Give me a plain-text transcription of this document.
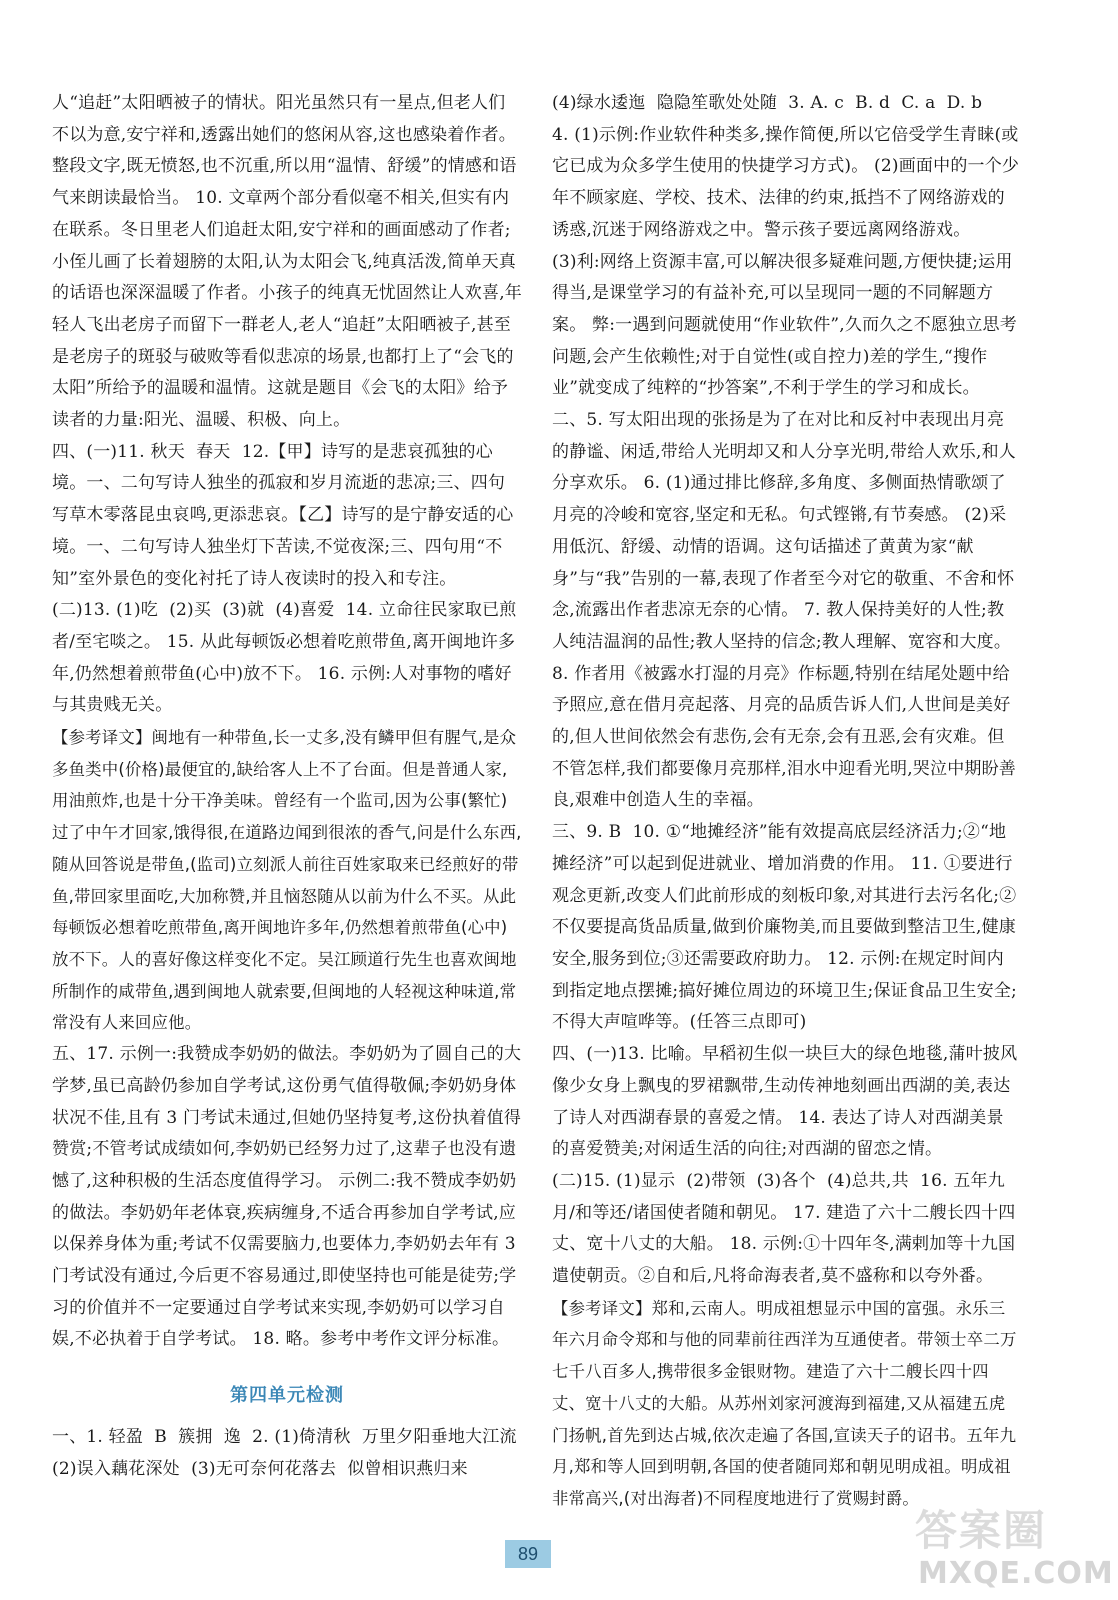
人“追赶”太阳晒被子的情状。阳光虽然只有一星点,但老人们不以为意,安宁祥和,透露出她们的悠闲从容,这也感染着作者。整段文字,既无愤怒,也不沉重,所以用“温情、舒缓”的情感和语气来朗读最恰当。 10. 文章两个部分看似毫不相关,但实有内在联系。冬日里老人们追赶太阳,安宁祥和的画面感动了作者;小侄儿画了长着翅膀的太阳,认为太阳会飞,纯真活泼,简单天真的话语也深深温暖了作者。小孩子的纯真无忧固然让人欢喜,年轻人飞出老房子而留下一群老人,老人“追赶”太阳晒被子,甚至是老房子的斑驳与破败等看似悲凉的场景,也都打上了“会飞的太阳”所给予的温暖和温情。这就是题目《会飞的太阳》给予读者的力量:阳光、温暖、积极、向上。

四、(一)11. 秋天  春天  12.【甲】诗写的是悲哀孤独的心境。一、二句写诗人独坐的孤寂和岁月流逝的悲凉;三、四句写草木零落昆虫哀鸣,更添悲哀。【乙】诗写的是宁静安适的心境。一、二句写诗人独坐灯下苦读,不觉夜深;三、四句用“不知”室外景色的变化衬托了诗人夜读时的投入和专注。

(二)13. (1)吃  (2)买  (3)就  (4)喜爱  14. 立命往民家取已煎者/至宅啖之。 15. 从此每顿饭必想着吃煎带鱼,离开闽地许多年,仍然想着煎带鱼(心中)放不下。 16. 示例:人对事物的嗜好与其贵贱无关。

【参考译文】闽地有一种带鱼,长一丈多,没有鳞甲但有腥气,是众多鱼类中(价格)最便宜的,缺给客人上不了台面。但是普通人家,用油煎炸,也是十分干净美味。曾经有一个监司,因为公事(繁忙)过了中午才回家,饿得很,在道路边闻到很浓的香气,问是什么东西,随从回答说是带鱼,(监司)立刻派人前往百姓家取来已经煎好的带鱼,带回家里面吃,大加称赞,并且恼怒随从以前为什么不买。从此每顿饭必想着吃煎带鱼,离开闽地许多年,仍然想着煎带鱼(心中)放不下。人的喜好像这样变化不定。吴江顾道行先生也喜欢闽地所制作的咸带鱼,遇到闽地人就索要,但闽地的人轻视这种味道,常常没有人来回应他。

五、17. 示例一:我赞成李奶奶的做法。李奶奶为了圆自己的大学梦,虽已高龄仍参加自学考试,这份勇气值得敬佩;李奶奶身体状况不佳,且有 3 门考试未通过,但她仍坚持复考,这份执着值得赞赏;不管考试成绩如何,李奶奶已经努力过了,这辈子也没有遗憾了,这种积极的生活态度值得学习。 示例二:我不赞成李奶奶的做法。李奶奶年老体衰,疾病缠身,不适合再参加自学考试,应以保养身体为重;考试不仅需要脑力,也要体力,李奶奶去年有 3 门考试没有通过,今后更不容易通过,即使坚持也可能是徒劳;学习的价值并不一定要通过自学考试来实现,李奶奶可以学习自娱,不必执着于自学考试。 18. 略。参考中考作文评分标准。

第四单元检测

一、1. 轻盈  B  簇拥  逸  2. (1)倚清秋  万里夕阳垂地大江流  (2)误入藕花深处  (3)无可奈何花落去  似曾相识燕归来

(4)绿水逶迤  隐隐笙歌处处随  3. A. c  B. d  C. a  D. b

4. (1)示例:作业软件种类多,操作简便,所以它倍受学生青睐(或它已成为众多学生使用的快捷学习方式)。 (2)画面中的一个少年不顾家庭、学校、技术、法律的约束,抵挡不了网络游戏的诱惑,沉迷于网络游戏之中。警示孩子要远离网络游戏。

(3)利:网络上资源丰富,可以解决很多疑难问题,方便快捷;运用得当,是课堂学习的有益补充,可以呈现同一题的不同解题方案。 弊:一遇到问题就使用“作业软件”,久而久之不愿独立思考问题,会产生依赖性;对于自觉性(或自控力)差的学生,“搜作业”就变成了纯粹的“抄答案”,不利于学生的学习和成长。

二、5. 写太阳出现的张扬是为了在对比和反衬中表现出月亮的静谧、闲适,带给人光明却又和人分享光明,带给人欢乐,和人分享欢乐。 6. (1)通过排比修辞,多角度、多侧面热情歌颂了月亮的冷峻和宽容,坚定和无私。句式铿锵,有节奏感。 (2)采用低沉、舒缓、动情的语调。这句话描述了黄黄为家“献身”与“我”告别的一幕,表现了作者至今对它的敬重、不舍和怀念,流露出作者悲凉无奈的心情。 7. 教人保持美好的人性;教人纯洁温润的品性;教人坚持的信念;教人理解、宽容和大度。 8. 作者用《被露水打湿的月亮》作标题,特别在结尾处题中给予照应,意在借月亮起落、月亮的品质告诉人们,人世间是美好的,但人世间依然会有悲伤,会有无奈,会有丑恶,会有灾难。但不管怎样,我们都要像月亮那样,泪水中迎看光明,哭泣中期盼善良,艰难中创造人生的幸福。

三、9. B  10. ①“地摊经济”能有效提高底层经济活力;②“地摊经济”可以起到促进就业、增加消费的作用。 11. ①要进行观念更新,改变人们此前形成的刻板印象,对其进行去污名化;②不仅要提高货品质量,做到价廉物美,而且要做到整洁卫生,健康安全,服务到位;③还需要政府助力。 12. 示例:在规定时间内到指定地点摆摊;搞好摊位周边的环境卫生;保证食品卫生安全;不得大声喧哗等。(任答三点即可)

四、(一)13. 比喻。早稻初生似一块巨大的绿色地毯,蒲叶披风像少女身上飘曳的罗裙飘带,生动传神地刻画出西湖的美,表达了诗人对西湖春景的喜爱之情。 14. 表达了诗人对西湖美景的喜爱赞美;对闲适生活的向往;对西湖的留恋之情。

(二)15. (1)显示  (2)带领  (3)各个  (4)总共,共  16. 五年九月/和等还/诸国使者随和朝见。 17. 建造了六十二艘长四十四丈、宽十八丈的大船。 18. 示例:①十四年冬,满剌加等十九国遣使朝贡。②自和后,凡将命海表者,莫不盛称和以夸外番。

【参考译文】郑和,云南人。明成祖想显示中国的富强。永乐三年六月命令郑和与他的同辈前往西洋为互通使者。带领士卒二万七千八百多人,携带很多金银财物。建造了六十二艘长四十四丈、宽十八丈的大船。从苏州刘家河渡海到福建,又从福建五虎门扬帆,首先到达占城,依次走遍了各国,宣读天子的诏书。五年九月,郑和等人回到明朝,各国的使者随同郑和朝见明成祖。明成祖非常高兴,(对出海者)不同程度地进行了赏赐封爵。

89	答案圈
MXQE.COM
